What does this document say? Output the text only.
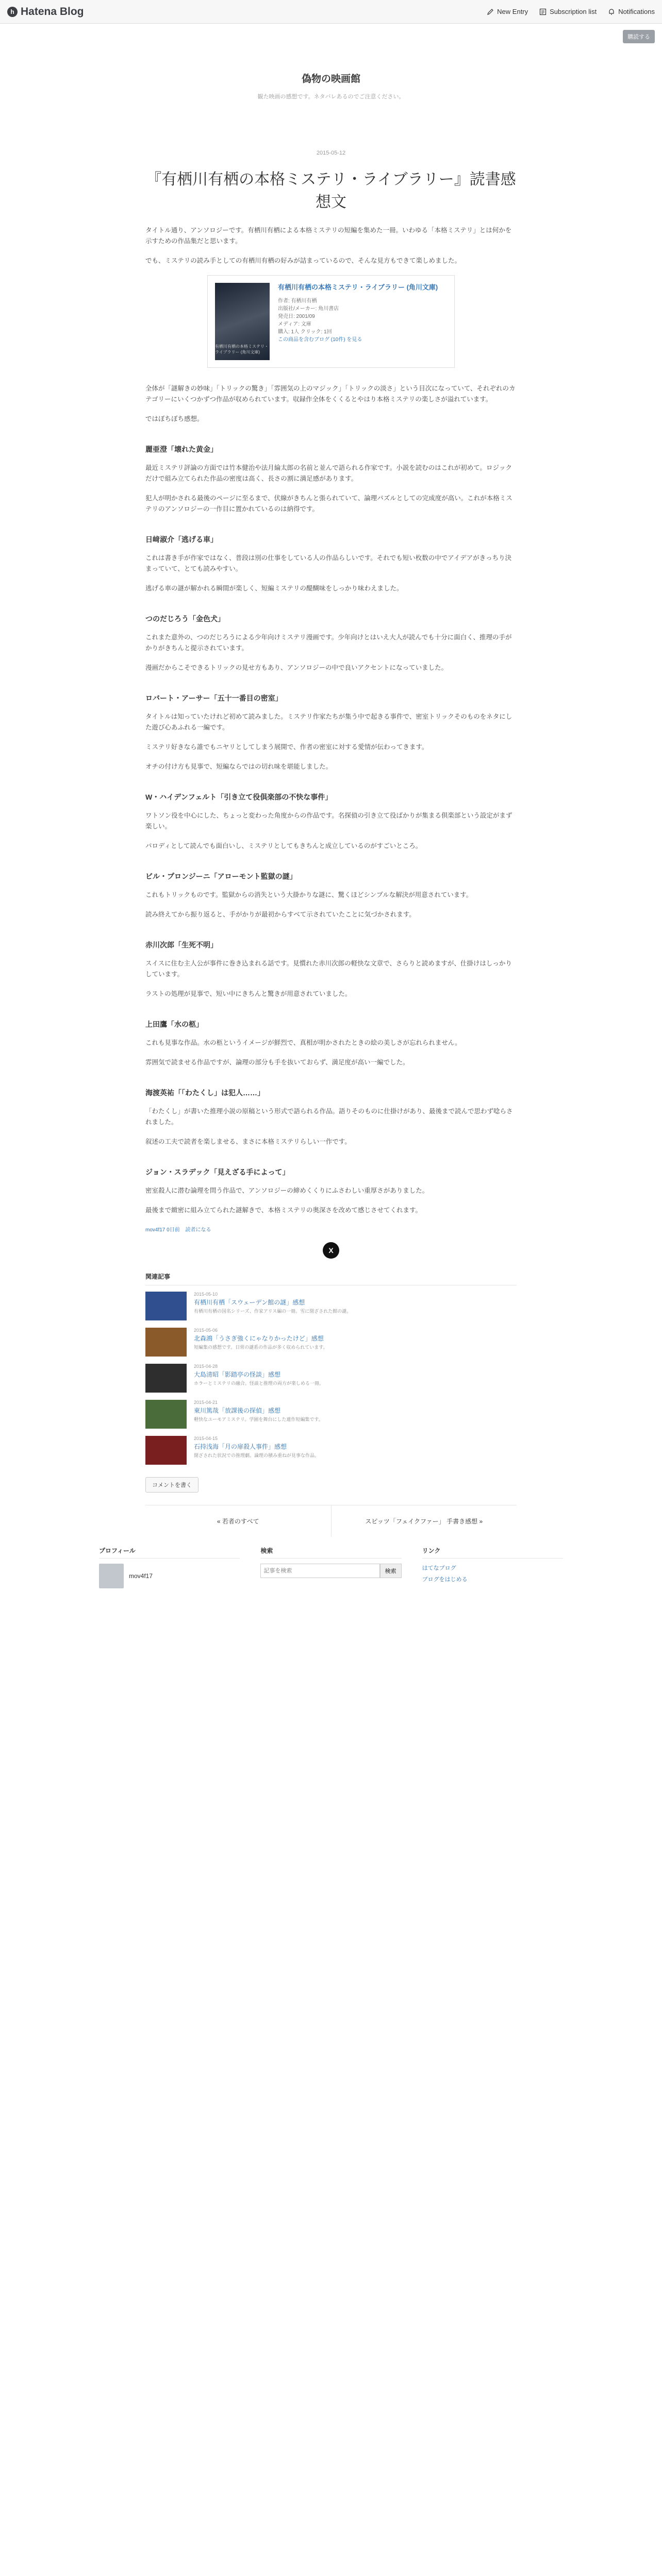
h Hatena Blog	New Entry	Subscription list	Notifications
購読する
偽物の映画館
観た映画の感想です。ネタバレあるのでご注意ください。
2015-05-12
『有栖川有栖の本格ミステリ・ライブラリー』読書感想文

タイトル通り、アンソロジーです。有栖川有栖による本格ミステリの短編を集めた一冊。いわゆる「本格ミステリ」とは何かを示すための作品集だと思います。

でも、ミステリの読み手としての有栖川有栖の好みが詰まっているので、そんな見方もできて楽しめました。

有栖川有栖の本格ミステリ・ライブラリー (角川文庫)
有栖川有栖の本格ミステリ・ライブラリー (角川文庫)
作者: 有栖川有栖
出版社/メーカー: 角川書店
発売日: 2001/09
メディア: 文庫
購入: 1人 クリック: 1回
この商品を含むブログ (10件) を見る

全体が「謎解きの妙味」「トリックの驚き」「雰囲気の上のマジック」「トリックの淡さ」という目次になっていて、それぞれのカテゴリーにいくつかずつ作品が収められています。収録作全体をくくるとやはり本格ミステリの楽しさが溢れています。

ではぼちぼち感想。

麗亜澄「壊れた黄金」

最近ミステリ評論の方面では竹本健治や法月綸太郎の名前と並んで語られる作家です。小説を読むのはこれが初めて。ロジックだけで組み立てられた作品の密度は高く、長さの割に満足感があります。

犯人が明かされる最後のページに至るまで、伏線がきちんと張られていて、論理パズルとしての完成度が高い。これが本格ミステリのアンソロジーの一作目に置かれているのは納得です。

日﨑淑介「逃げる車」

これは書き手が作家ではなく、普段は別の仕事をしている人の作品らしいです。それでも短い枚数の中でアイデアがきっちり決まっていて、とても読みやすい。

逃げる車の謎が解かれる瞬間が楽しく、短編ミステリの醍醐味をしっかり味わえました。

つのだじろう「金色犬」

これまた意外の、つのだじろうによる少年向けミステリ漫画です。少年向けとはいえ大人が読んでも十分に面白く、推理の手がかりがきちんと提示されています。

漫画だからこそできるトリックの見せ方もあり、アンソロジーの中で良いアクセントになっていました。

ロバート・アーサー「五十一番目の密室」

タイトルは知っていたけれど初めて読みました。ミステリ作家たちが集う中で起きる事件で、密室トリックそのものをネタにした遊び心あふれる一編です。

ミステリ好きなら誰でもニヤリとしてしまう展開で、作者の密室に対する愛情が伝わってきます。

オチの付け方も見事で、短編ならではの切れ味を堪能しました。

W・ハイデンフェルト「引き立て役倶楽部の不快な事件」

ワトソン役を中心にした、ちょっと変わった角度からの作品です。名探偵の引き立て役ばかりが集まる倶楽部という設定がまず楽しい。

パロディとして読んでも面白いし、ミステリとしてもきちんと成立しているのがすごいところ。

ビル・プロンジーニ「アローモント監獄の謎」

これもトリックものです。監獄からの消失という大掛かりな謎に、驚くほどシンプルな解決が用意されています。

読み終えてから振り返ると、手がかりが最初からすべて示されていたことに気づかされます。

赤川次郎「生死不明」

スイスに住む主人公が事件に巻き込まれる話です。見慣れた赤川次郎の軽快な文章で、さらりと読めますが、仕掛けはしっかりしています。

ラストの処理が見事で、短い中にきちんと驚きが用意されていました。

上田鷹「水の柩」

これも見事な作品。水の柩というイメージが鮮烈で、真相が明かされたときの絵の美しさが忘れられません。

雰囲気で読ませる作品ですが、論理の部分も手を抜いておらず、満足度が高い一編でした。

海渡英祐「「わたくし」は犯人……」

「わたくし」が書いた推理小説の原稿という形式で語られる作品。語りそのものに仕掛けがあり、最後まで読んで思わず唸らされました。

叙述の工夫で読者を楽しませる、まさに本格ミステリらしい一作です。

ジョン・スラデック「見えざる手によって」

密室殺人に潜む論理を問う作品で、アンソロジーの締めくくりにふさわしい重厚さがありました。

最後まで緻密に組み立てられた謎解きで、本格ミステリの奥深さを改めて感じさせてくれます。

mov4f17 0日前 読者になる
X
関連記事
2015-05-10
有栖川有栖「スウェーデン館の謎」感想
有栖川有栖の国名シリーズ、作家アリス編の一冊。雪に閉ざされた館の謎。
2015-05-06
北森鴻「うさぎ強くにゃなりかったけど」感想
短編集の感想です。日常の謎系の作品が多く収められています。
2015-04-28
大島清昭「影踏亭の怪談」感想
ホラーとミステリの融合。怪談と推理の両方が楽しめる一冊。
2015-04-21
東川篤哉「放課後の探偵」感想
軽快なユーモアミステリ。学園を舞台にした連作短編集です。
2015-04-15
石持浅海「月の扉殺人事件」感想
閉ざされた状況での推理劇。論理の積み重ねが見事な作品。
コメントを書く
« 若者のすべて	スピッツ「フェイクファー」 手書き感想 »
プロフィール
mov4f17
検索
記事を検索
検索
リンク
はてなブログ
ブログをはじめる
